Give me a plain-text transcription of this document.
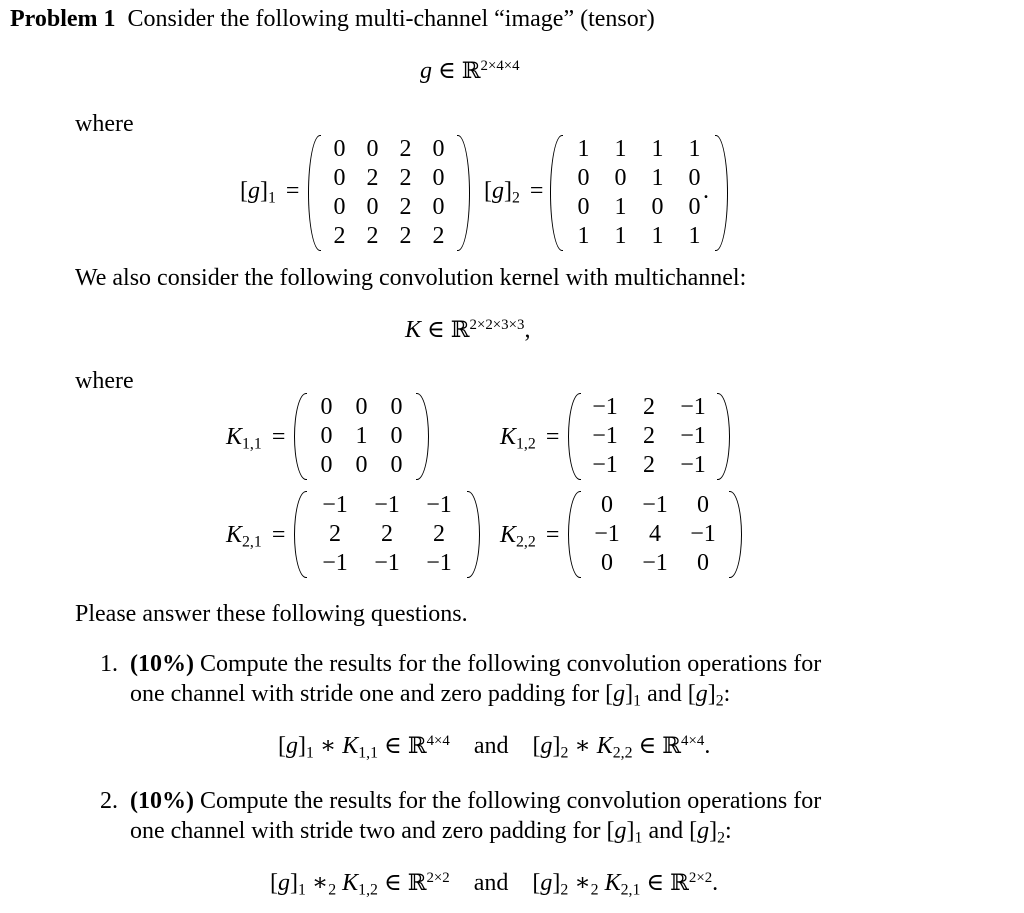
Problem 1 Consider the following multi-channel “image” (tensor)
g ∈ ℝ$^{2\times 4\times 4}$
where
$[g]_1$ =
0 0 2 0
0 2 2 0
0 0 2 0
2 2 2 2
$[g]_2$ =
1	1	1	1
0	0	1	0
0	1	0	0
1	1	1	1
.
We also consider the following convolution kernel with multichannel:
K ∈ ℝ$^{2\times 2\times 3\times 3}$,
where
$K_{1,1}$ =
0 0 0
0 1 0
0 0 0
$K_{1,2}$ =
−1	2	−1
−1	2	−1
−1	2	−1
$K_{2,1}$ =
−1	−1	−1
2	2	2
−1	−1	−1
$K_{2,2}$ =
0	−1	0
−1	4	−1
0	−1	0
Please answer these following questions.
1. (10%) Compute the results for the following convolution operations for
one channel with stride one and zero padding for $[g]_1$ and $[g]_2$:
$[g]_1$ ∗ $K_{1,1}$ ∈ ℝ$^{4\times 4}$ and $[g]_2$ ∗ $K_{2,2}$ ∈ ℝ$^{4\times 4}$.
2. (10%) Compute the results for the following convolution operations for
one channel with stride two and zero padding for $[g]_1$ and $[g]_2$:
$[g]_1$ $∗_2$ $K_{1,2}$ ∈ ℝ$^{2\times 2}$ and $[g]_2$ $∗_2$ $K_{2,1}$ ∈ ℝ$^{2\times 2}$.
